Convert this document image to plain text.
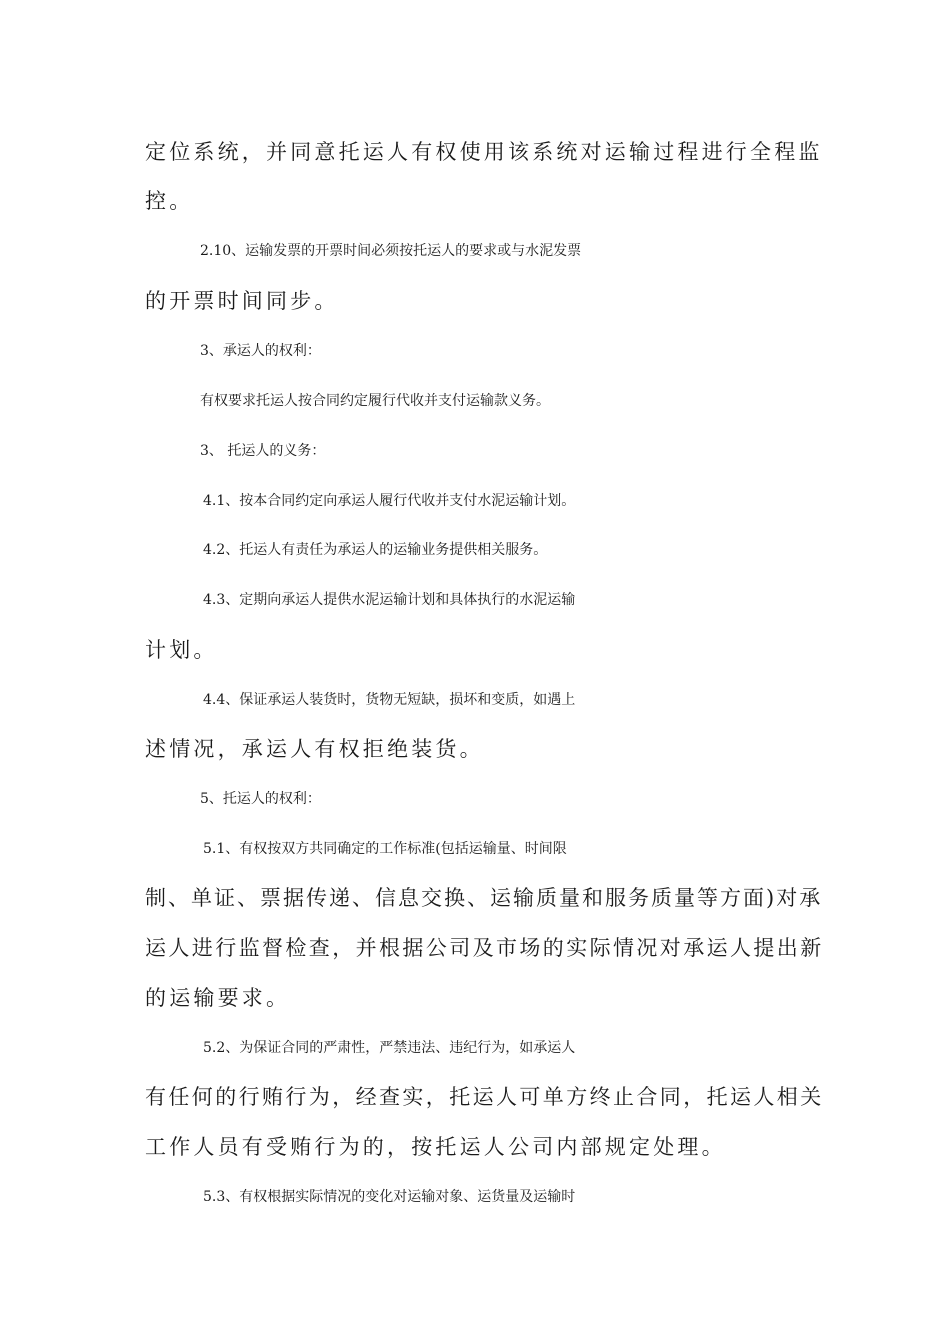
定位系统，并同意托运人有权使用该系统对运输过程进行全程监
控。
2.10、运输发票的开票时间必须按托运人的要求或与水泥发票
的开票时间同步。
3、承运人的权利：
有权要求托运人按合同约定履行代收并支付运输款义务。
3、 托运人的义务：
4.1、按本合同约定向承运人履行代收并支付水泥运输计划。
4.2、托运人有责任为承运人的运输业务提供相关服务。
4.3、定期向承运人提供水泥运输计划和具体执行的水泥运输
计划。
4.4、保证承运人装货时，货物无短缺，损坏和变质，如遇上
述情况，承运人有权拒绝装货。
5、托运人的权利：
5.1、有权按双方共同确定的工作标准(包括运输量、时间限
制、单证、票据传递、信息交换、运输质量和服务质量等方面)对承
运人进行监督检查，并根据公司及市场的实际情况对承运人提出新
的运输要求。
5.2、为保证合同的严肃性，严禁违法、违纪行为，如承运人
有任何的行贿行为，经查实，托运人可单方终止合同，托运人相关
工作人员有受贿行为的，按托运人公司内部规定处理。
5.3、有权根据实际情况的变化对运输对象、运货量及运输时
